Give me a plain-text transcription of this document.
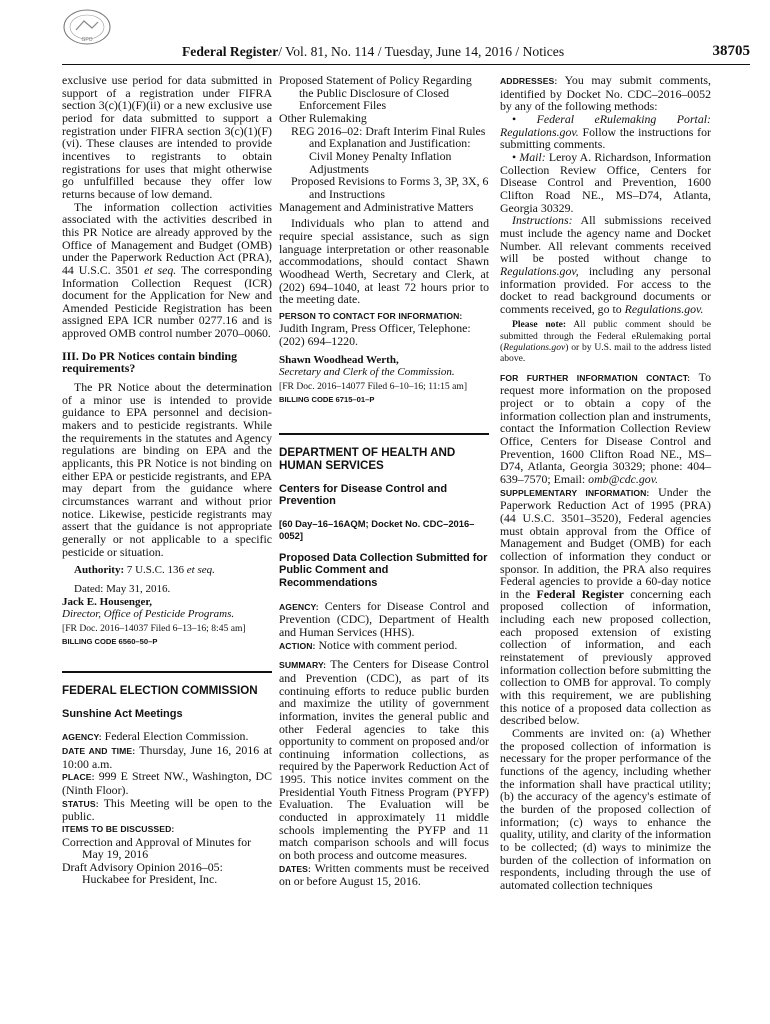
GPO
Federal Register/ Vol. 81, No. 114 / Tuesday, June 14, 2016 / Notices	38705

exclusive use period for data submitted in support of a registration under FIFRA section 3(c)(1)(F)(ii) or a new exclusive use period for data submitted to support a registration under FIFRA section 3(c)(1)(F)(vi). These clauses are intended to provide incentives to registrants to obtain registrations for uses that might otherwise go unfulfilled because they offer low returns because of low demand.

The information collection activities associated with the activities described in this PR Notice are already approved by the Office of Management and Budget (OMB) under the Paperwork Reduction Act (PRA), 44 U.S.C. 3501 et seq. The corresponding Information Collection Request (ICR) document for the Application for New and Amended Pesticide Registration has been assigned EPA ICR number 0277.16 and is approved OMB control number 2070–0060.

III. Do PR Notices contain binding requirements?

The PR Notice about the determination of a minor use is intended to provide guidance to EPA personnel and decision-makers and to pesticide registrants. While the requirements in the statutes and Agency regulations are binding on EPA and the applicants, this PR Notice is not binding on either EPA or pesticide registrants, and EPA may depart from the guidance where circumstances warrant and without prior notice. Likewise, pesticide registrants may assert that the guidance is not appropriate generally or not applicable to a specific pesticide or situation.

Authority: 7 U.S.C. 136 et seq.

Dated: May 31, 2016.

Jack E. Housenger,

Director, Office of Pesticide Programs.

[FR Doc. 2016–14037 Filed 6–13–16; 8:45 am]

BILLING CODE 6560–50–P

FEDERAL ELECTION COMMISSION

Sunshine Act Meetings

AGENCY: Federal Election Commission.

DATE AND TIME: Thursday, June 16, 2016 at 10:00 a.m.

PLACE: 999 E Street NW., Washington, DC (Ninth Floor).

STATUS: This Meeting will be open to the public.

ITEMS TO BE DISCUSSED:

Correction and Approval of Minutes for May 19, 2016

Draft Advisory Opinion 2016–05: Huckabee for President, Inc.

Proposed Statement of Policy Regarding the Public Disclosure of Closed Enforcement Files

Other Rulemaking

REG 2016–02: Draft Interim Final Rules and Explanation and Justification: Civil Money Penalty Inflation Adjustments

Proposed Revisions to Forms 3, 3P, 3X, 6 and Instructions

Management and Administrative Matters

Individuals who plan to attend and require special assistance, such as sign language interpretation or other reasonable accommodations, should contact Shawn Woodhead Werth, Secretary and Clerk, at (202) 694–1040, at least 72 hours prior to the meeting date.

PERSON TO CONTACT FOR INFORMATION:

Judith Ingram, Press Officer, Telephone: (202) 694–1220.

Shawn Woodhead Werth,

Secretary and Clerk of the Commission.

[FR Doc. 2016–14077 Filed 6–10–16; 11:15 am]

BILLING CODE 6715–01–P

DEPARTMENT OF HEALTH AND HUMAN SERVICES

Centers for Disease Control and Prevention

[60 Day–16–16AQM; Docket No. CDC–2016–0052]

Proposed Data Collection Submitted for Public Comment and Recommendations

AGENCY: Centers for Disease Control and Prevention (CDC), Department of Health and Human Services (HHS).

ACTION: Notice with comment period.

SUMMARY: The Centers for Disease Control and Prevention (CDC), as part of its continuing efforts to reduce public burden and maximize the utility of government information, invites the general public and other Federal agencies to take this opportunity to comment on proposed and/or continuing information collections, as required by the Paperwork Reduction Act of 1995. This notice invites comment on the Presidential Youth Fitness Program (PYFP) Evaluation. The Evaluation will be conducted in approximately 11 middle schools implementing the PYFP and 11 match comparison schools and will focus on both process and outcome measures.

DATES: Written comments must be received on or before August 15, 2016.

ADDRESSES: You may submit comments, identified by Docket No. CDC–2016–0052 by any of the following methods:

• Federal eRulemaking Portal: Regulations.gov. Follow the instructions for submitting comments.

• Mail: Leroy A. Richardson, Information Collection Review Office, Centers for Disease Control and Prevention, 1600 Clifton Road NE., MS–D74, Atlanta, Georgia 30329.

Instructions: All submissions received must include the agency name and Docket Number. All relevant comments received will be posted without change to Regulations.gov, including any personal information provided. For access to the docket to read background documents or comments received, go to Regulations.gov.

Please note: All public comment should be submitted through the Federal eRulemaking portal (Regulations.gov) or by U.S. mail to the address listed above.

FOR FURTHER INFORMATION CONTACT: To request more information on the proposed project or to obtain a copy of the information collection plan and instruments, contact the Information Collection Review Office, Centers for Disease Control and Prevention, 1600 Clifton Road NE., MS–D74, Atlanta, Georgia 30329; phone: 404–639–7570; Email: omb@cdc.gov.

SUPPLEMENTARY INFORMATION: Under the Paperwork Reduction Act of 1995 (PRA) (44 U.S.C. 3501–3520), Federal agencies must obtain approval from the Office of Management and Budget (OMB) for each collection of information they conduct or sponsor. In addition, the PRA also requires Federal agencies to provide a 60-day notice in the Federal Register concerning each proposed collection of information, including each new proposed collection, each proposed extension of existing collection of information, and each reinstatement of previously approved information collection before submitting the collection to OMB for approval. To comply with this requirement, we are publishing this notice of a proposed data collection as described below.

Comments are invited on: (a) Whether the proposed collection of information is necessary for the proper performance of the functions of the agency, including whether the information shall have practical utility; (b) the accuracy of the agency's estimate of the burden of the proposed collection of information; (c) ways to enhance the quality, utility, and clarity of the information to be collected; (d) ways to minimize the burden of the collection of information on respondents, including through the use of automated collection techniques
